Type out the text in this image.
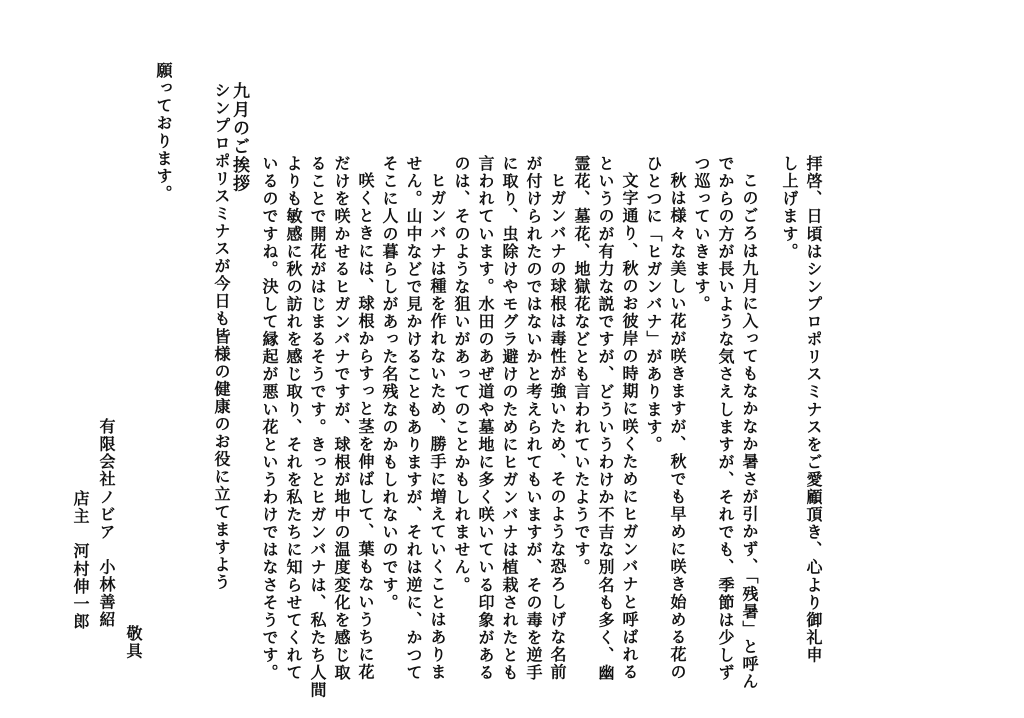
九月のご挨拶

拝啓、日頃はシンプロポリスミナスをご愛顧頂き、心より御礼申

し上げます。

このごろは九月に入ってもなかなか暑さが引かず、「残暑」と呼ん

でからの方が長いような気さえしますが、それでも、季節は少しず

つ巡っていきます。

秋は様々な美しい花が咲きますが、秋でも早めに咲き始める花の

ひとつに「ヒガンバナ」があります。

文字通り、秋のお彼岸の時期に咲くためにヒガンバナと呼ばれる

というのが有力な説ですが、どういうわけか不吉な別名も多く、幽

霊花、墓花、地獄花などとも言われていたようです。

ヒガンバナの球根は毒性が強いため、そのような恐ろしげな名前

が付けられたのではないかと考えられてもいますが、その毒を逆手

に取り、虫除けやモグラ避けのためにヒガンバナは植栽されたとも

言われています。水田のあぜ道や墓地に多く咲いている印象がある

のは、そのような狙いがあってのことかもしれません。

ヒガンバナは種を作れないため、勝手に増えていくことはありま

せん。山中などで見かけることもありますが、それは逆に、かつて

そこに人の暮らしがあった名残なのかもしれないのです。

咲くときには、球根からすっと茎を伸ばして、葉もないうちに花

だけを咲かせるヒガンバナですが、球根が地中の温度変化を感じ取

ることで開花がはじまるそうです。きっとヒガンバナは、私たち人間

よりも敏感に秋の訪れを感じ取り、それを私たちに知らせてくれて

いるのですね。決して縁起が悪い花というわけではなさそうです。

シンプロポリスミナスが今日も皆様の健康のお役に立てますよう

願っております。

敬具

有限会社ノビア　小林善紹

店主　河村伸一郎
